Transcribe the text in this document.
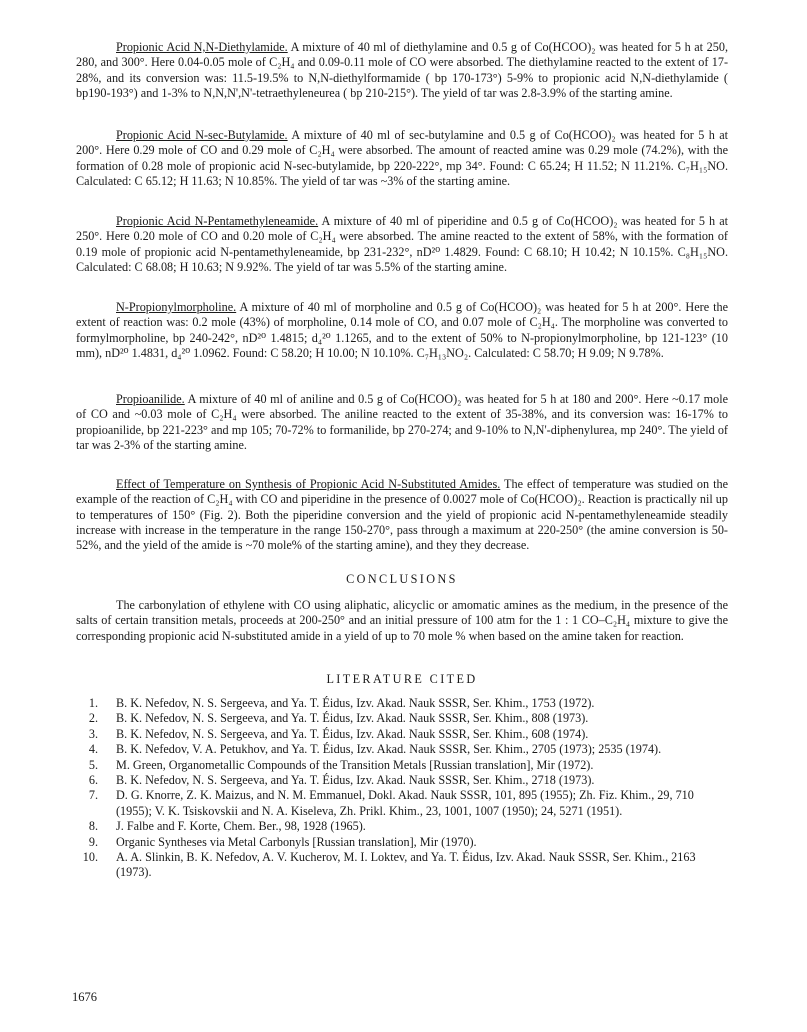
Propionic Acid N,N-Diethylamide. A mixture of 40 ml of diethylamine and 0.5 g of Co(HCOO)₂ was heated for 5 h at 250, 280, and 300°. Here 0.04-0.05 mole of C₂H₄ and 0.09-0.11 mole of CO were absorbed. The diethylamine reacted to the extent of 17-28%, and its conversion was: 11.5-19.5% to N,N-diethylformamide ( bp 170-173°) 5-9% to propionic acid N,N-diethylamide ( bp190-193°) and 1-3% to N,N,N',N'-tetraethyleneurea ( bp 210-215°). The yield of tar was 2.8-3.9% of the starting amine.

Propionic Acid N-sec-Butylamide. A mixture of 40 ml of sec-butylamine and 0.5 g of Co(HCOO)₂ was heated for 5 h at 200°. Here 0.29 mole of CO and 0.29 mole of C₂H₄ were absorbed. The amount of reacted amine was 0.29 mole (74.2%), with the formation of 0.28 mole of propionic acid N-sec-butylamide, bp 220-222°, mp 34°. Found: C 65.24; H 11.52; N 11.21%. C₇H₁₅NO. Calculated: C 65.12; H 11.63; N 10.85%. The yield of tar was ~3% of the starting amine.

Propionic Acid N-Pentamethyleneamide. A mixture of 40 ml of piperidine and 0.5 g of Co(HCOO)₂ was heated for 5 h at 250°. Here 0.20 mole of CO and 0.20 mole of C₂H₄ were absorbed. The amine reacted to the extent of 58%, with the formation of 0.19 mole of propionic acid N-pentamethyleneamide, bp 231-232°, nD²⁰ 1.4829. Found: C 68.10; H 10.42; N 10.15%. C₈H₁₅NO. Calculated: C 68.08; H 10.63; N 9.92%. The yield of tar was 5.5% of the starting amine.

N-Propionylmorpholine. A mixture of 40 ml of morpholine and 0.5 g of Co(HCOO)₂ was heated for 5 h at 200°. Here the extent of reaction was: 0.2 mole (43%) of morpholine, 0.14 mole of CO, and 0.07 mole of C₂H₄. The morpholine was converted to formylmorpholine, bp 240-242°, nD²⁰ 1.4815; d₄²⁰ 1.1265, and to the extent of 50% to N-propionylmorpholine, bp 121-123° (10 mm), nD²⁰ 1.4831, d₄²⁰ 1.0962. Found: C 58.20; H 10.00; N 10.10%. C₇H₁₃NO₂. Calculated: C 58.70; H 9.09; N 9.78%.

Propioanilide. A mixture of 40 ml of aniline and 0.5 g of Co(HCOO)₂ was heated for 5 h at 180 and 200°. Here ~0.17 mole of CO and ~0.03 mole of C₂H₄ were absorbed. The aniline reacted to the extent of 35-38%, and its conversion was: 16-17% to propioanilide, bp 221-223° and mp 105; 70-72% to formanilide, bp 270-274; and 9-10% to N,N'-diphenylurea, mp 240°. The yield of tar was 2-3% of the starting amine.

Effect of Temperature on Synthesis of Propionic Acid N-Substituted Amides. The effect of temperature was studied on the example of the reaction of C₂H₄ with CO and piperidine in the presence of 0.0027 mole of Co(HCOO)₂. Reaction is practically nil up to temperatures of 150° (Fig. 2). Both the piperidine conversion and the yield of propionic acid N-pentamethyleneamide steadily increase with increase in the temperature in the range 150-270°, pass through a maximum at 220-250° (the amine conversion is 50-52%, and the yield of the amide is ~70 mole% of the starting amine), and they they decrease.

CONCLUSIONS

The carbonylation of ethylene with CO using aliphatic, alicyclic or amomatic amines as the medium, in the presence of the salts of certain transition metals, proceeds at 200-250° and an initial pressure of 100 atm for the 1 : 1 CO–C₂H₄ mixture to give the corresponding propionic acid N-substituted amide in a yield of up to 70 mole % when based on the amine taken for reaction.

LITERATURE CITED
1. B. K. Nefedov, N. S. Sergeeva, and Ya. T. Éidus, Izv. Akad. Nauk SSSR, Ser. Khim., 1753 (1972).
2. B. K. Nefedov, N. S. Sergeeva, and Ya. T. Éidus, Izv. Akad. Nauk SSSR, Ser. Khim., 808 (1973).
3. B. K. Nefedov, N. S. Sergeeva, and Ya. T. Éidus, Izv. Akad. Nauk SSSR, Ser. Khim., 608 (1974).
4. B. K. Nefedov, V. A. Petukhov, and Ya. T. Éidus, Izv. Akad. Nauk SSSR, Ser. Khim., 2705 (1973); 2535 (1974).
5. M. Green, Organometallic Compounds of the Transition Metals [Russian translation], Mir (1972).
6. B. K. Nefedov, N. S. Sergeeva, and Ya. T. Éidus, Izv. Akad. Nauk SSSR, Ser. Khim., 2718 (1973).
7. D. G. Knorre, Z. K. Maizus, and N. M. Emmanuel, Dokl. Akad. Nauk SSSR, 101, 895 (1955); Zh. Fiz. Khim., 29, 710 (1955); V. K. Tsiskovskii and N. A. Kiseleva, Zh. Prikl. Khim., 23, 1001, 1007 (1950); 24, 5271 (1951).
8. J. Falbe and F. Korte, Chem. Ber., 98, 1928 (1965).
9. Organic Syntheses via Metal Carbonyls [Russian translation], Mir (1970).
10. A. A. Slinkin, B. K. Nefedov, A. V. Kucherov, M. I. Loktev, and Ya. T. Éidus, Izv. Akad. Nauk SSSR, Ser. Khim., 2163 (1973).
1676
